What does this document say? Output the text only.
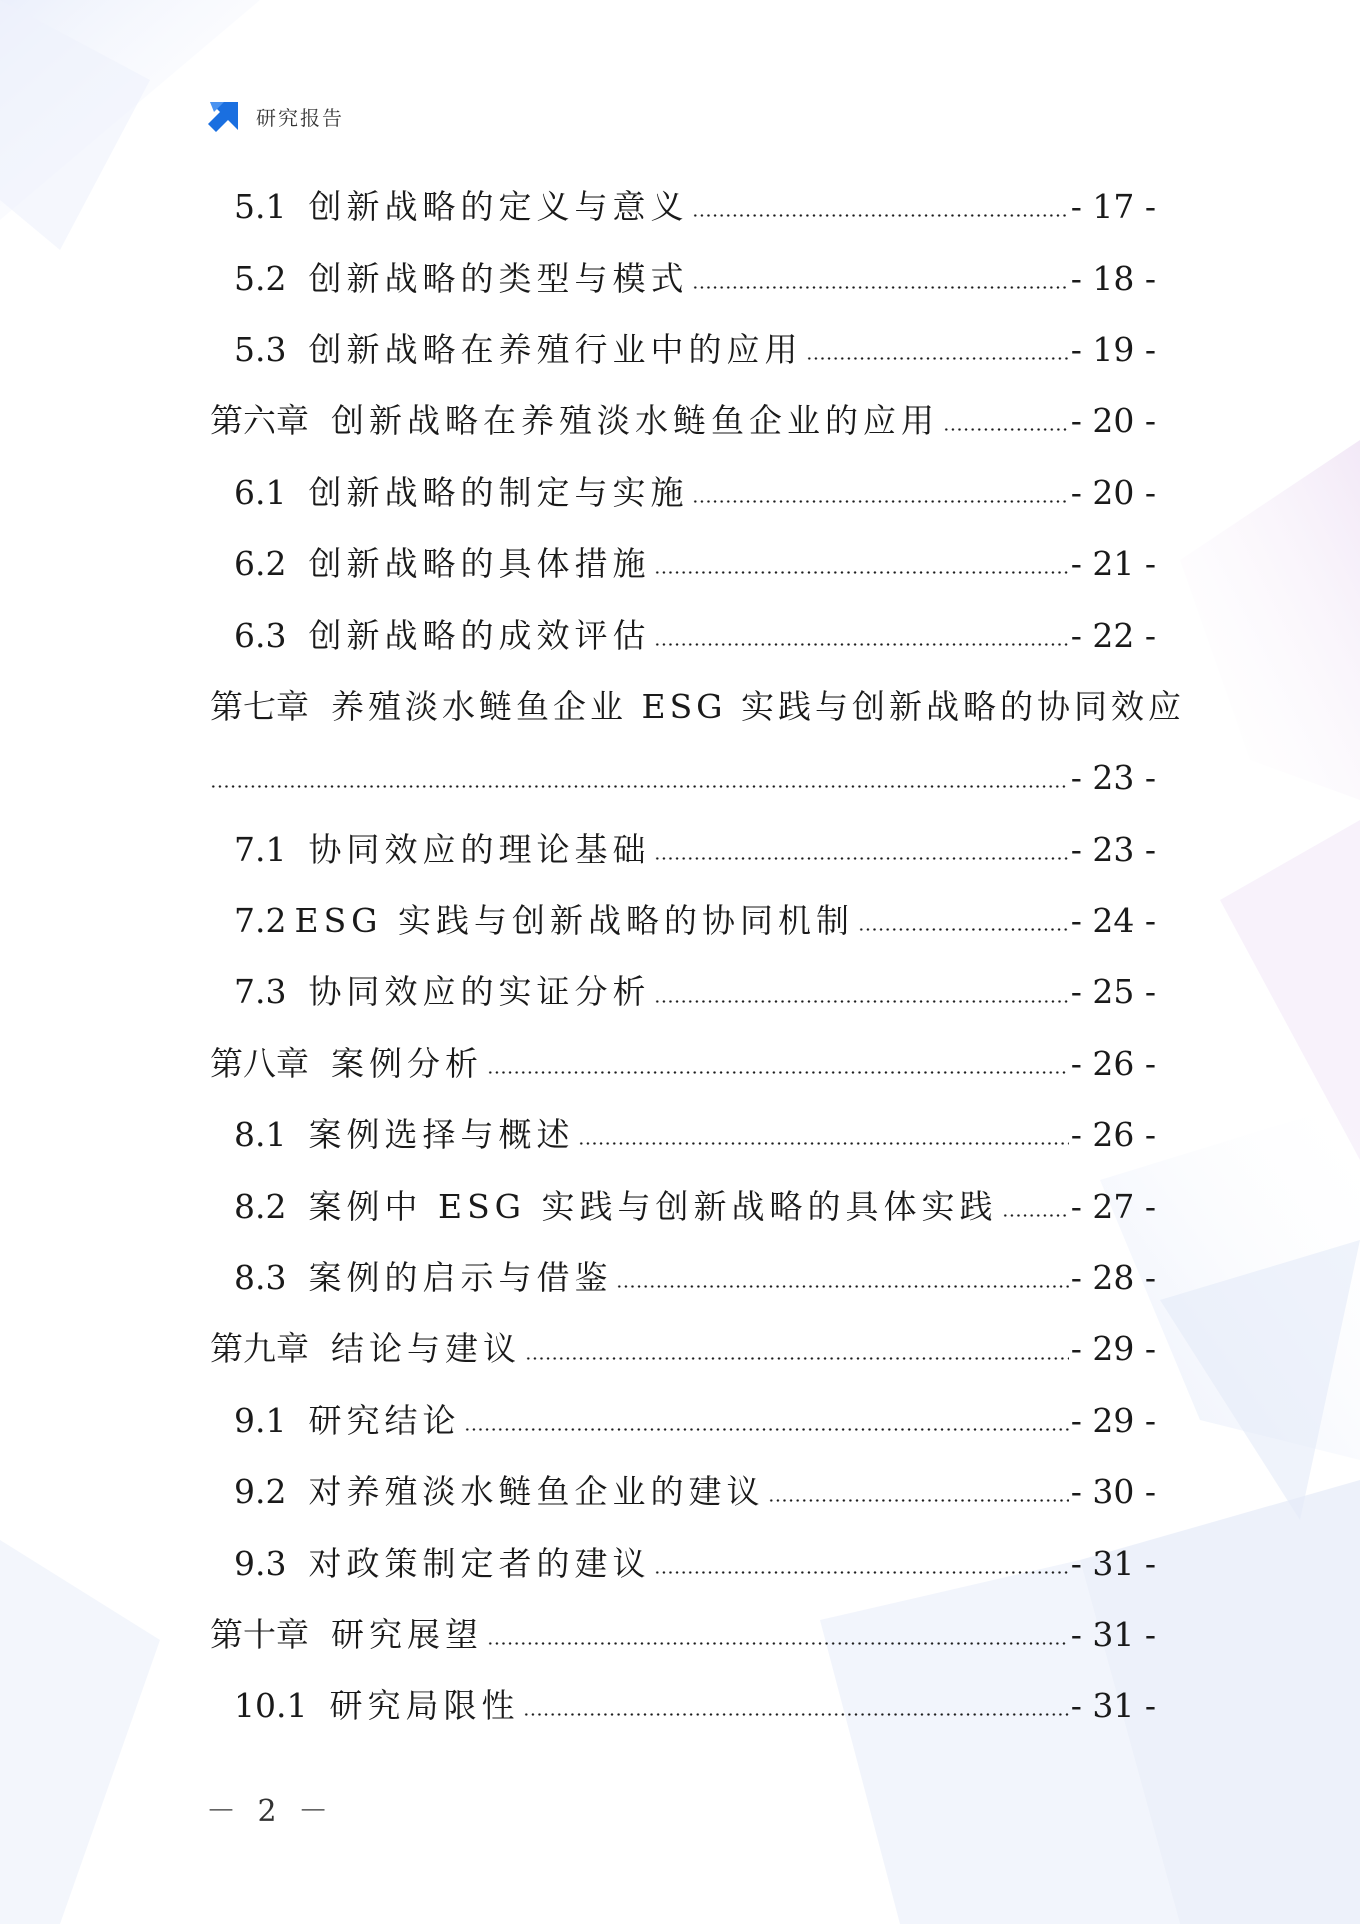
研究报告
5.1 创新战略的定义与意义	- 17 -
5.2 创新战略的类型与模式	- 18 -
5.3 创新战略在养殖行业中的应用	- 19 -
第六章 创新战略在养殖淡水鲢鱼企业的应用	- 20 -
6.1 创新战略的制定与实施	- 20 -
6.2 创新战略的具体措施	- 21 -
6.3 创新战略的成效评估	- 22 -
第七章 养殖淡水鲢鱼企业 ESG 实践与创新战略的协同效应
- 23 -
7.1 协同效应的理论基础	- 23 -
7.2 ESG 实践与创新战略的协同机制	- 24 -
7.3 协同效应的实证分析	- 25 -
第八章 案例分析	- 26 -
8.1 案例选择与概述	- 26 -
8.2 案例中 ESG 实践与创新战略的具体实践 - 27 -
8.3 案例的启示与借鉴	- 28 -
第九章 结论与建议	- 29 -
9.1 研究结论	- 29 -
9.2 对养殖淡水鲢鱼企业的建议	- 30 -
9.3 对政策制定者的建议	- 31 -
第十章 研究展望	- 31 -
10.1 研究局限性	- 31 -
－ 2 －
